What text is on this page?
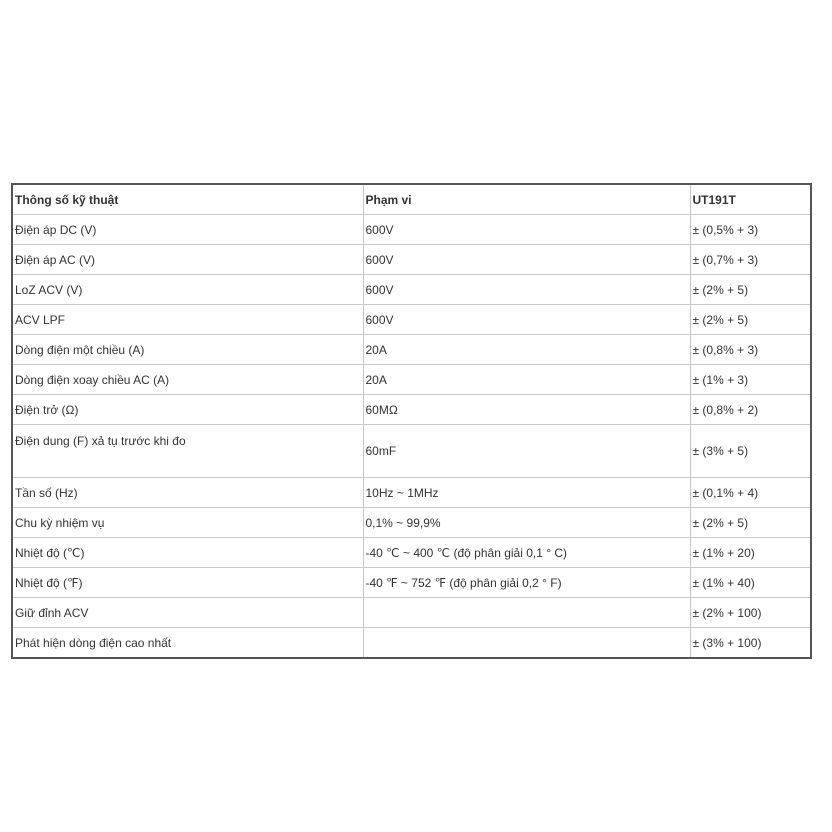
Thông số kỹ thuật	Phạm vi	UT191T
Điện áp DC (V)	600V	± (0,5% + 3)
Điện áp AC (V)	600V	± (0,7% + 3)
LoZ ACV (V)	600V	± (2% + 5)
ACV LPF	600V	± (2% + 5)
Dòng điện một chiều (A)	20A	± (0,8% + 3)
Dòng điện xoay chiều AC (A)	20A	± (1% + 3)
Điện trở (Ω)	60MΩ	± (0,8% + 2)
Điện dung (F) xả tụ trước khi đo	60mF	± (3% + 5)
Tần số (Hz)	10Hz ~ 1MHz	± (0,1% + 4)
Chu kỳ nhiệm vụ	0,1% ~ 99,9%	± (2% + 5)
Nhiệt độ (℃)	-40 ℃ ~ 400 ℃ (độ phân giải 0,1 ° C)	± (1% + 20)
Nhiệt độ (℉)	-40 ℉ ~ 752 ℉ (độ phân giải 0,2 ° F)	± (1% + 40)
Giữ đỉnh ACV		± (2% + 100)
Phát hiện dòng điện cao nhất		± (3% + 100)
